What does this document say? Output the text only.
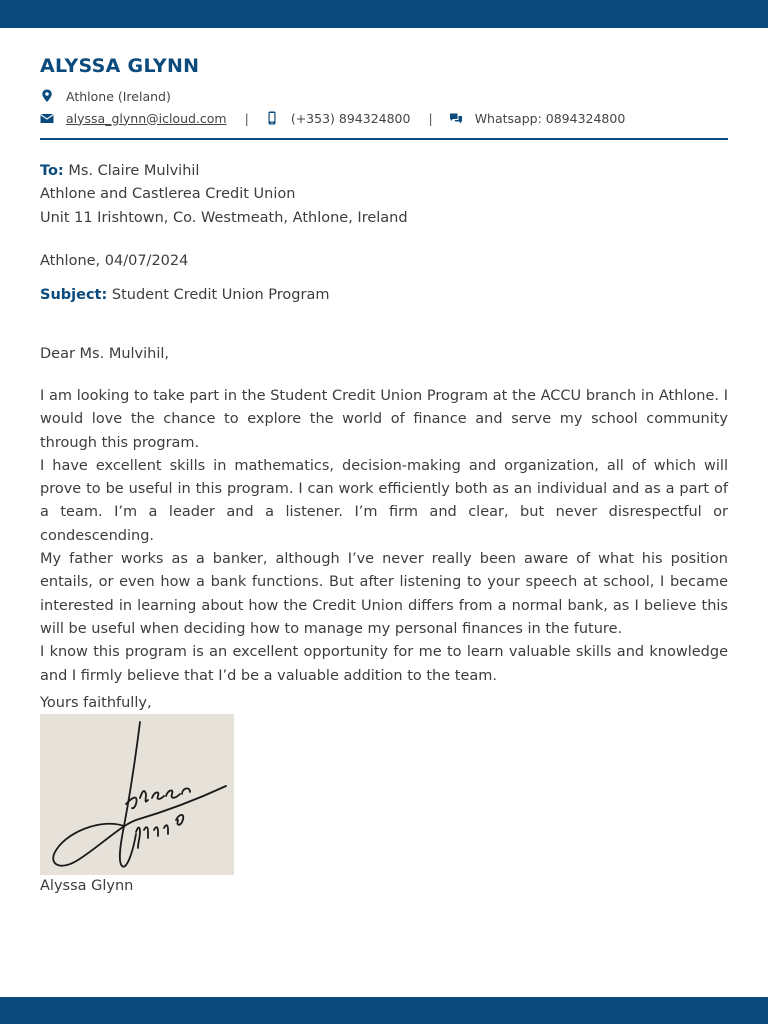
ALYSSA GLYNN
Athlone (Ireland)
alyssa_glynn@icloud.com |	(+353) 894324800 |	Whatsapp: 0894324800
To: Ms. Claire Mulvihil
Athlone and Castlerea Credit Union
Unit 11 Irishtown, Co. Westmeath, Athlone, Ireland
Athlone, 04/07/2024
Subject: Student Credit Union Program
Dear Ms. Mulvihil,

I am looking to take part in the Student Credit Union Program at the ACCU branch in Athlone. I would love the chance to explore the world of finance and serve my school community through this program.

I have excellent skills in mathematics, decision-making and organization, all of which will prove to be useful in this program. I can work efficiently both as an individual and as a part of a team. I’m a leader and a listener. I’m firm and clear, but never disrespectful or condescending.

My father works as a banker, although I’ve never really been aware of what his position entails, or even how a bank functions. But after listening to your speech at school, I became interested in learning about how the Credit Union differs from a normal bank, as I believe this will be useful when deciding how to manage my personal finances in the future.

I know this program is an excellent opportunity for me to learn valuable skills and knowledge and I firmly believe that I’d be a valuable addition to the team.

Yours faithfully,
Alyssa Glynn
